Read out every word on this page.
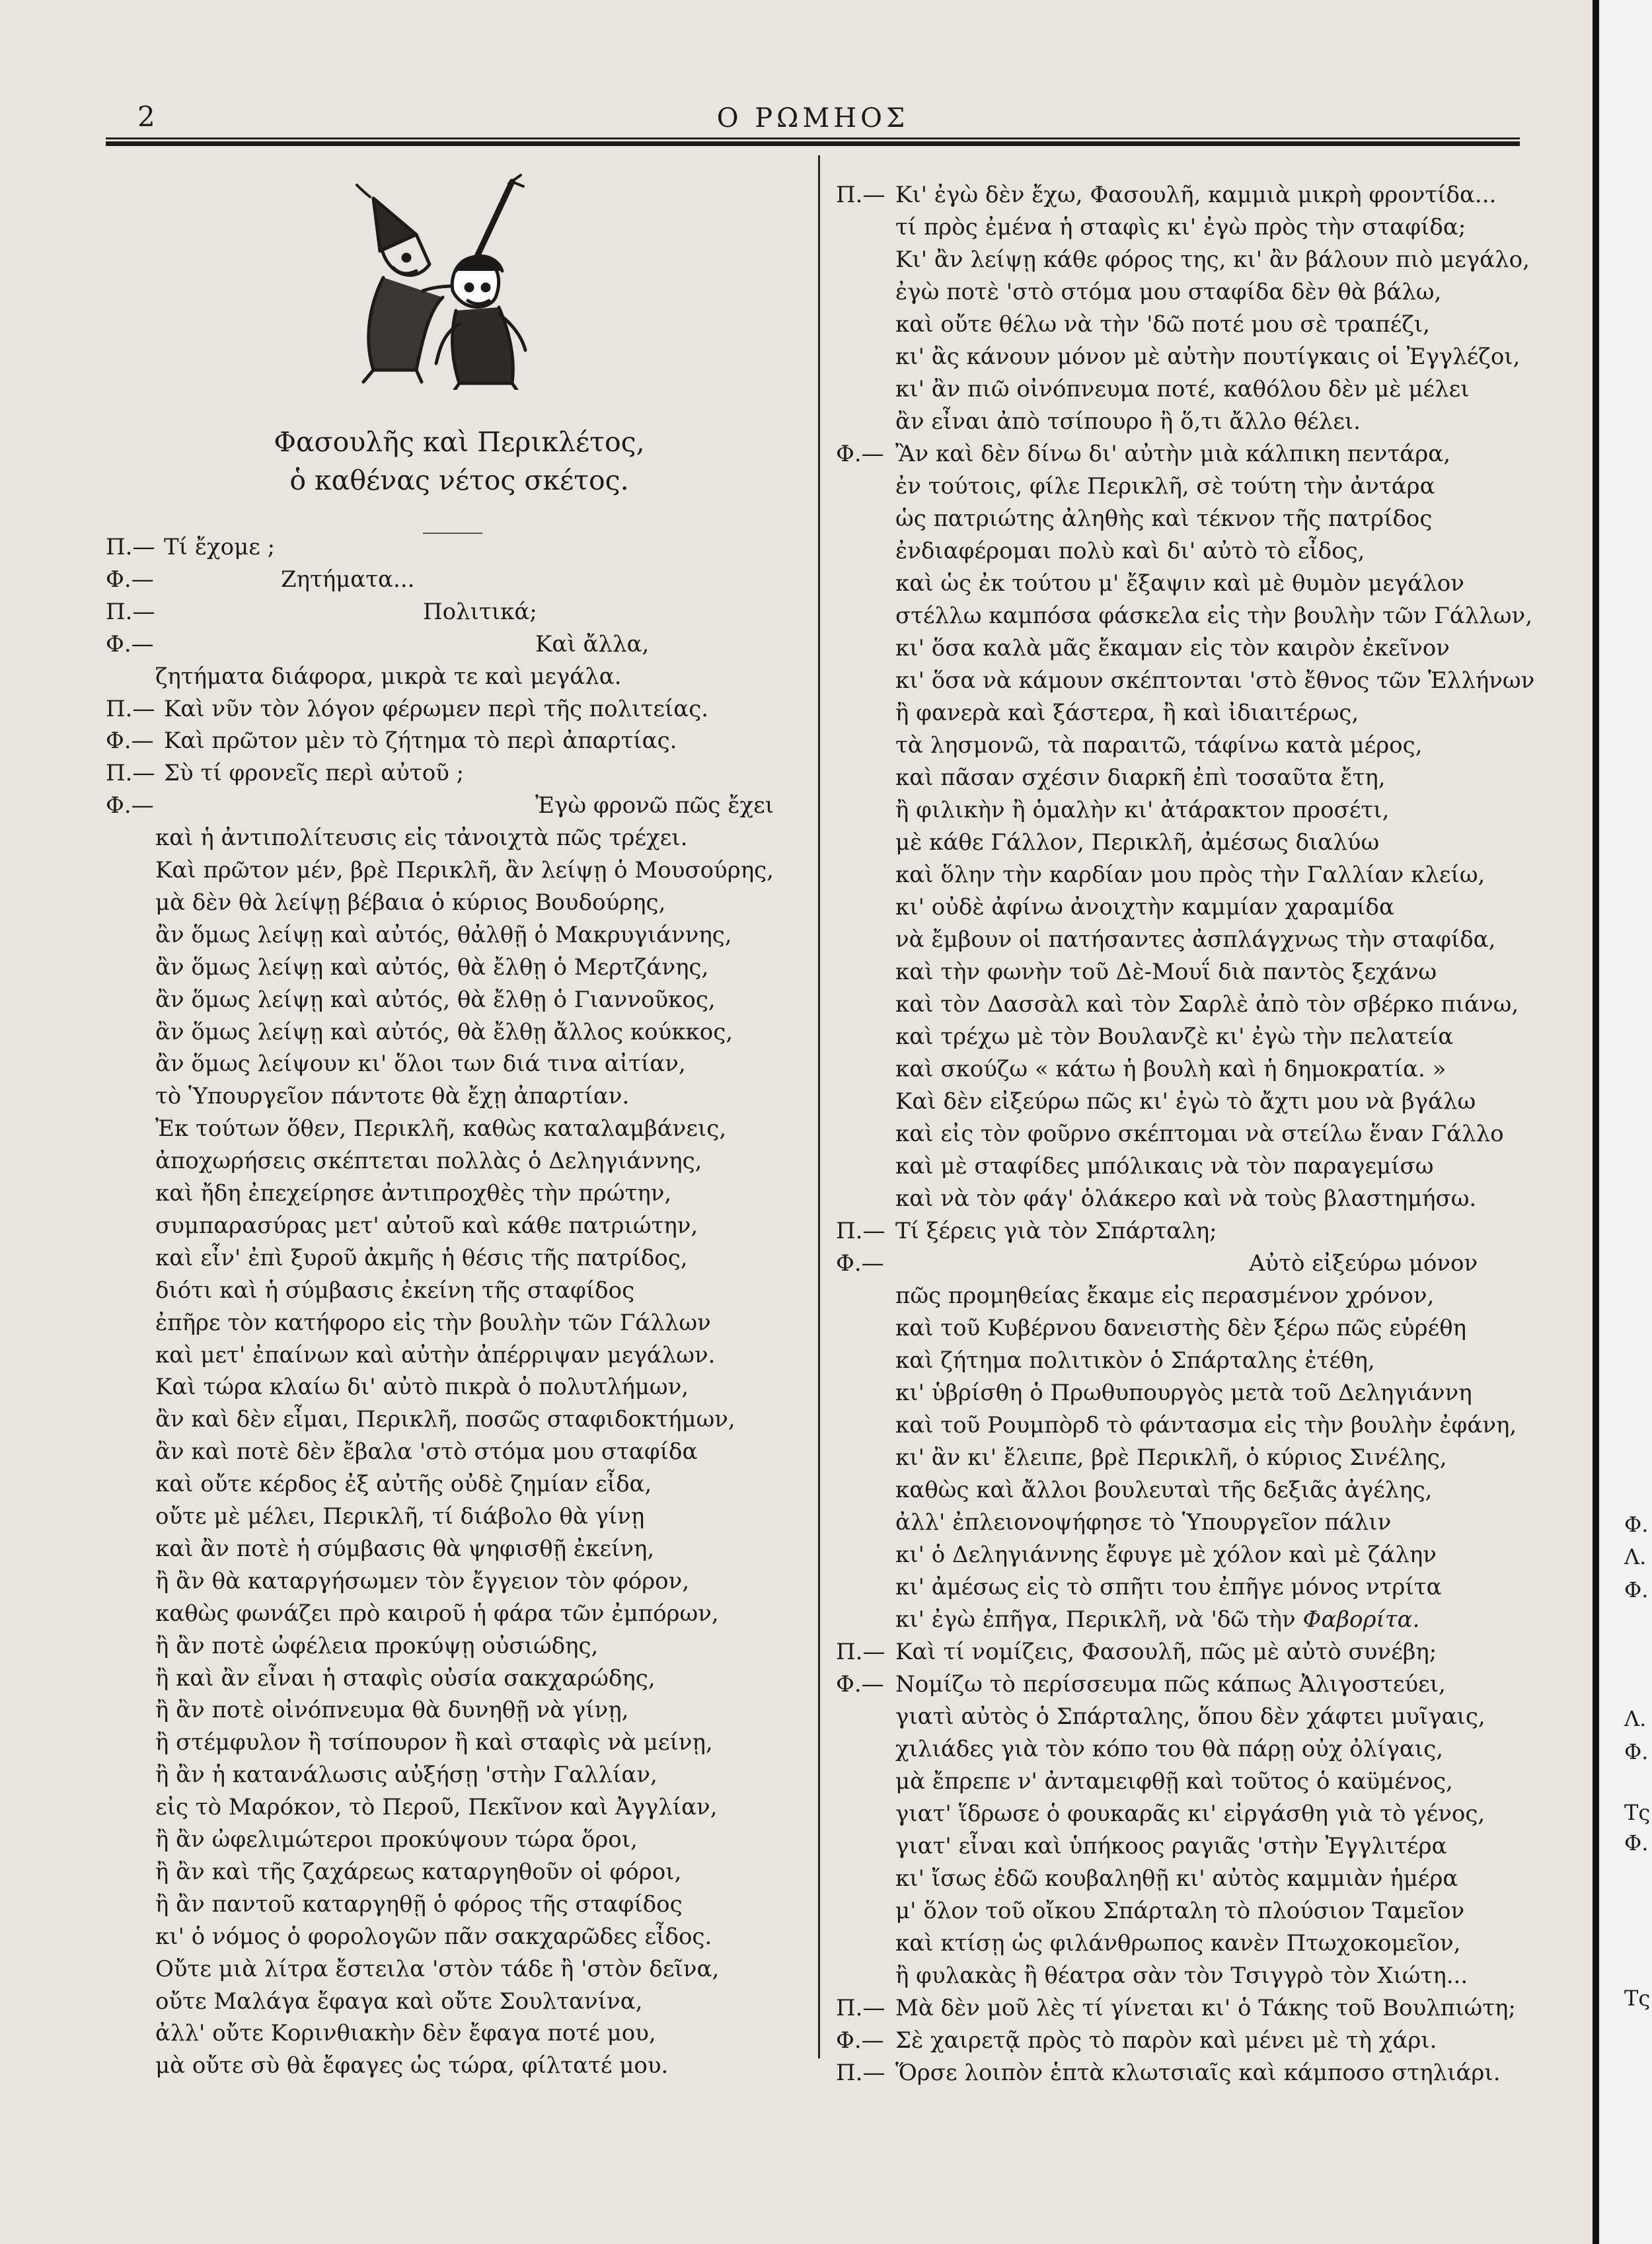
2	Ο ΡΩΜΗΟΣ
Φασουλῆς καὶ Περικλέτος,
ὁ καθένας νέτος σκέτος.
Π.— Τί ἔχομε ;
Φ.—	Ζητήματα...
Π.—	Πολιτικά;
Φ.—	Καὶ ἄλλα,
ζητήματα διάφορα, μικρὰ τε καὶ μεγάλα.
Π.— Καὶ νῦν τὸν λόγον φέρωμεν περὶ τῆς πολιτείας.
Φ.— Καὶ πρῶτον μὲν τὸ ζήτημα τὸ περὶ ἀπαρτίας.
Π.— Σὺ τί φρονεῖς περὶ αὐτοῦ ;
Φ.—	Ἐγὼ φρονῶ πῶς ἔχει
καὶ ἡ ἀντιπολίτευσις εἰς τἀνοιχτὰ πῶς τρέχει.
Καὶ πρῶτον μέν, βρὲ Περικλῆ, ἂν λείψῃ ὁ Μουσούρης,
μὰ δὲν θὰ λείψῃ βέβαια ὁ κύριος Βουδούρης,
ἂν ὅμως λείψῃ καὶ αὐτός, θἀλθῇ ὁ Μακρυγιάννης,
ἂν ὅμως λείψῃ καὶ αὐτός, θὰ ἔλθῃ ὁ Μερτζάνης,
ἂν ὅμως λείψῃ καὶ αὐτός, θὰ ἔλθῃ ὁ Γιαννοῦκος,
ἂν ὅμως λείψῃ καὶ αὐτός, θὰ ἔλθῃ ἄλλος κούκκος,
ἂν ὅμως λείψουν κι' ὅλοι των διά τινα αἰτίαν,
τὸ Ὑπουργεῖον πάντοτε θὰ ἔχῃ ἀπαρτίαν.
Ἐκ τούτων ὅθεν, Περικλῆ, καθὼς καταλαμβάνεις,
ἀποχωρήσεις σκέπτεται πολλὰς ὁ Δεληγιάννης,
καὶ ἤδη ἐπεχείρησε ἀντιπροχθὲς τὴν πρώτην,
συμπαρασύρας μετ' αὐτοῦ καὶ κάθε πατριώτην,
καὶ εἶν' ἐπὶ ξυροῦ ἀκμῆς ἡ θέσις τῆς πατρίδος,
διότι καὶ ἡ σύμβασις ἐκείνη τῆς σταφίδος
ἐπῆρε τὸν κατήφορο εἰς τὴν βουλὴν τῶν Γάλλων
καὶ μετ' ἐπαίνων καὶ αὐτὴν ἀπέρριψαν μεγάλων.
Καὶ τώρα κλαίω δι' αὐτὸ πικρὰ ὁ πολυτλήμων,
ἂν καὶ δὲν εἶμαι, Περικλῆ, ποσῶς σταφιδοκτήμων,
ἂν καὶ ποτὲ δὲν ἔβαλα 'στὸ στόμα μου σταφίδα
καὶ οὔτε κέρδος ἐξ αὐτῆς οὐδὲ ζημίαν εἶδα,
οὔτε μὲ μέλει, Περικλῆ, τί διάβολο θὰ γίνῃ
καὶ ἂν ποτὲ ἡ σύμβασις θὰ ψηφισθῇ ἐκείνη,
ἢ ἂν θὰ καταργήσωμεν τὸν ἔγγειον τὸν φόρον,
καθὼς φωνάζει πρὸ καιροῦ ἡ φάρα τῶν ἐμπόρων,
ἢ ἂν ποτὲ ὠφέλεια προκύψῃ οὐσιώδης,
ἢ καὶ ἂν εἶναι ἡ σταφὶς οὐσία σακχαρώδης,
ἢ ἂν ποτὲ οἰνόπνευμα θὰ δυνηθῇ νὰ γίνῃ,
ἢ στέμφυλον ἢ τσίπουρον ἢ καὶ σταφὶς νὰ μείνῃ,
ἢ ἂν ἡ κατανάλωσις αὐξήσῃ 'στὴν Γαλλίαν,
εἰς τὸ Μαρόκον, τὸ Περοῦ, Πεκῖνον καὶ Ἀγγλίαν,
ἢ ἂν ὠφελιμώτεροι προκύψουν τώρα ὅροι,
ἢ ἂν καὶ τῆς ζαχάρεως καταργηθοῦν οἱ φόροι,
ἢ ἂν παντοῦ καταργηθῇ ὁ φόρος τῆς σταφίδος
κι' ὁ νόμος ὁ φορολογῶν πᾶν σακχαρῶδες εἶδος.
Οὔτε μιὰ λίτρα ἔστειλα 'στὸν τάδε ἢ 'στὸν δεῖνα,
οὔτε Μαλάγα ἔφαγα καὶ οὔτε Σουλτανίνα,
ἀλλ' οὔτε Κορινθιακὴν δὲν ἔφαγα ποτέ μου,
μὰ οὔτε σὺ θὰ ἔφαγες ὡς τώρα, φίλτατέ μου.
Π.— Κι' ἐγὼ δὲν ἔχω, Φασουλῆ, καμμιὰ μικρὴ φροντίδα...
τί πρὸς ἐμένα ἡ σταφὶς κι' ἐγὼ πρὸς τὴν σταφίδα;
Κι' ἂν λείψῃ κάθε φόρος της, κι' ἂν βάλουν πιὸ μεγάλο,
ἐγὼ ποτὲ 'στὸ στόμα μου σταφίδα δὲν θὰ βάλω,
καὶ οὔτε θέλω νὰ τὴν 'δῶ ποτέ μου σὲ τραπέζι,
κι' ἂς κάνουν μόνον μὲ αὐτὴν πουτίγκαις οἱ Ἐγγλέζοι,
κι' ἂν πιῶ οἰνόπνευμα ποτέ, καθόλου δὲν μὲ μέλει
ἂν εἶναι ἀπὸ τσίπουρο ἢ ὅ,τι ἄλλο θέλει.
Φ.— Ἂν καὶ δὲν δίνω δι' αὐτὴν μιὰ κάλπικη πεντάρα,
ἐν τούτοις, φίλε Περικλῆ, σὲ τούτη τὴν ἀντάρα
ὡς πατριώτης ἀληθὴς καὶ τέκνον τῆς πατρίδος
ἐνδιαφέρομαι πολὺ καὶ δι' αὐτὸ τὸ εἶδος,
καὶ ὡς ἐκ τούτου μ' ἔξαψιν καὶ μὲ θυμὸν μεγάλον
στέλλω καμπόσα φάσκελα εἰς τὴν βουλὴν τῶν Γάλλων,
κι' ὅσα καλὰ μᾶς ἔκαμαν εἰς τὸν καιρὸν ἐκεῖνον
κι' ὅσα νὰ κάμουν σκέπτονται 'στὸ ἔθνος τῶν Ἑλλήνων
ἢ φανερὰ καὶ ξάστερα, ἢ καὶ ἰδιαιτέρως,
τὰ λησμονῶ, τὰ παραιτῶ, τάφίνω κατὰ μέρος,
καὶ πᾶσαν σχέσιν διαρκῆ ἐπὶ τοσαῦτα ἔτη,
ἢ φιλικὴν ἢ ὁμαλὴν κι' ἀτάρακτον προσέτι,
μὲ κάθε Γάλλον, Περικλῆ, ἀμέσως διαλύω
καὶ ὅλην τὴν καρδίαν μου πρὸς τὴν Γαλλίαν κλείω,
κι' οὐδὲ ἀφίνω ἀνοιχτὴν καμμίαν χαραμίδα
νὰ ἔμβουν οἱ πατήσαντες ἀσπλάγχνως τὴν σταφίδα,
καὶ τὴν φωνὴν τοῦ Δὲ-Μουΐ διὰ παντὸς ξεχάνω
καὶ τὸν Δασσὰλ καὶ τὸν Σαρλὲ ἀπὸ τὸν σβέρκο πιάνω,
καὶ τρέχω μὲ τὸν Βουλανζὲ κι' ἐγὼ τὴν πελατεία
καὶ σκούζω « κάτω ἡ βουλὴ καὶ ἡ δημοκρατία. »
Καὶ δὲν εἰξεύρω πῶς κι' ἐγὼ τὸ ἄχτι μου νὰ βγάλω
καὶ εἰς τὸν φοῦρνο σκέπτομαι νὰ στείλω ἕναν Γάλλο
καὶ μὲ σταφίδες μπόλικαις νὰ τὸν παραγεμίσω
καὶ νὰ τὸν φάγ' ὁλάκερο καὶ νὰ τοὺς βλαστημήσω.
Π.— Τί ξέρεις γιὰ τὸν Σπάρταλη;
Φ.—	Αὐτὸ εἰξεύρω μόνον
πῶς προμηθείας ἔκαμε εἰς περασμένον χρόνον,
καὶ τοῦ Κυβέρνου δανειστὴς δὲν ξέρω πῶς εὑρέθη
καὶ ζήτημα πολιτικὸν ὁ Σπάρταλης ἐτέθη,
κι' ὑβρίσθη ὁ Πρωθυπουργὸς μετὰ τοῦ Δεληγιάννη
καὶ τοῦ Ρουμπὸρδ τὸ φάντασμα εἰς τὴν βουλὴν ἐφάνη,
κι' ἂν κι' ἔλειπε, βρὲ Περικλῆ, ὁ κύριος Σινέλης,
καθὼς καὶ ἄλλοι βουλευταὶ τῆς δεξιᾶς ἀγέλης,
ἀλλ' ἐπλειονοψήφησε τὸ Ὑπουργεῖον πάλιν
κι' ὁ Δεληγιάννης ἔφυγε μὲ χόλον καὶ μὲ ζάλην
κι' ἀμέσως εἰς τὸ σπῆτι του ἐπῆγε μόνος ντρίτα
κι' ἐγὼ ἐπῆγα, Περικλῆ, νὰ 'δῶ τὴν Φαβορίτα.
Π.— Καὶ τί νομίζεις, Φασουλῆ, πῶς μὲ αὐτὸ συνέβη;
Φ.— Νομίζω τὸ περίσσευμα πῶς κάπως Ἀλιγοστεύει,
γιατὶ αὐτὸς ὁ Σπάρταλης, ὅπου δὲν χάφτει μυῖγαις,
χιλιάδες γιὰ τὸν κόπο του θὰ πάρῃ οὐχ ὀλίγαις,
μὰ ἔπρεπε ν' ἀνταμειφθῇ καὶ τοῦτος ὁ καϋμένος,
γιατ' ἵδρωσε ὁ φουκαρᾶς κι' εἰργάσθη γιὰ τὸ γένος,
γιατ' εἶναι καὶ ὑπήκοος ραγιᾶς 'στὴν Ἐγγλιτέρα
κι' ἴσως ἐδῶ κουβαληθῇ κι' αὐτὸς καμμιὰν ἡμέρα
μ' ὅλον τοῦ οἴκου Σπάρταλη τὸ πλούσιον Ταμεῖον
καὶ κτίσῃ ὡς φιλάνθρωπος κανὲν Πτωχοκομεῖον,
ἢ φυλακὰς ἢ θέατρα σὰν τὸν Τσιγγρὸ τὸν Χιώτη...
Π.— Μὰ δὲν μοῦ λὲς τί γίνεται κι' ὁ Τάκης τοῦ Βουλπιώτη;
Φ.— Σὲ χαιρετᾷ πρὸς τὸ παρὸν καὶ μένει μὲ τὴ χάρι.
Π.— Ὅρσε λοιπὸν ἑπτὰ κλωτσιαῖς καὶ κάμποσο στηλιάρι.
Φ.
Λ.
Φ.
Λ.
Φ.
Τς
Φ.
Τς
